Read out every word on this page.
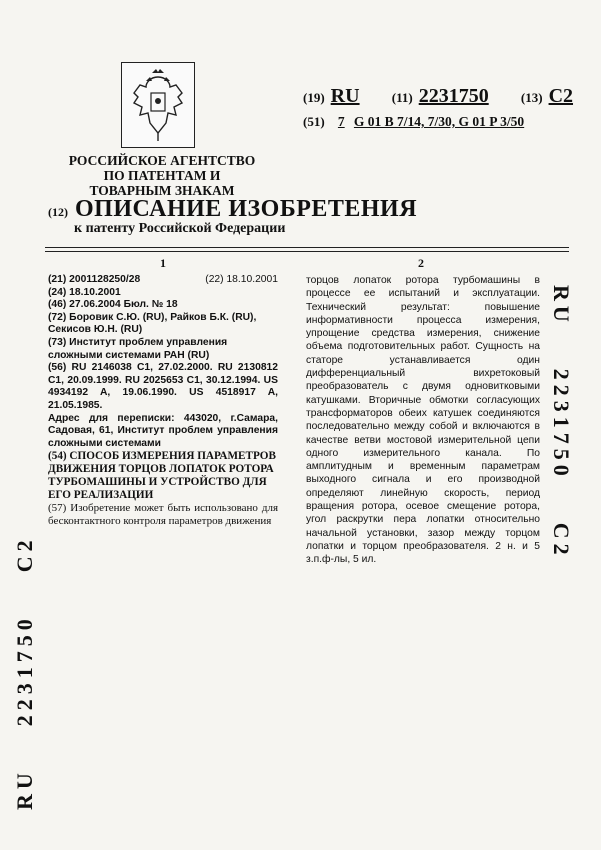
РОССИЙСКОЕ АГЕНТСТВО ПО ПАТЕНТАМ И ТОВАРНЫМ ЗНАКАМ
(19) RU (11) 2231750 (13) C2
(51) 7 G 01 B 7/14, 7/30, G 01 P 3/50
(12) ОПИСАНИЕ ИЗОБРЕТЕНИЯ
к патенту Российской Федерации
1	2

(21) 2001128250/28	(22) 18.10.2001

(24) 18.10.2001

(46) 27.06.2004 Бюл. № 18

(72) Боровик С.Ю. (RU), Райков Б.К. (RU), Секисов Ю.Н. (RU)

(73) Институт проблем управления сложными системами РАН (RU)

(56) RU 2146038 C1, 27.02.2000. RU 2130812 C1, 20.09.1999. RU 2025653 C1, 30.12.1994. US 4934192 A, 19.06.1990. US 4518917 A, 21.05.1985.

Адрес для переписки: 443020, г.Самара, Садовая, 61, Институт проблем управления сложными системами

(54) СПОСОБ ИЗМЕРЕНИЯ ПАРАМЕТРОВ ДВИЖЕНИЯ ТОРЦОВ ЛОПАТОК РОТОРА ТУРБОМАШИНЫ И УСТРОЙСТВО ДЛЯ ЕГО РЕАЛИЗАЦИИ

(57) Изобретение может быть использовано для бесконтактного контроля параметров движения

торцов лопаток ротора турбомашины в процессе ее испытаний и эксплуатации. Технический результат: повышение информативности процесса измерения, упрощение средства измерения, снижение объема подготовительных работ. Сущность на статоре устанавливается один дифференциальный вихретоковый преобразователь с двумя одновитковыми катушками. Вторичные обмотки согласующих трансформаторов обеих катушек соединяются последовательно между собой и включаются в качестве ветви мостовой измерительной цепи одного измерительного канала. По амплитудным и временным параметрам выходного сигнала и его производной определяют линейную скорость, период вращения ротора, осевое смещение ротора, угол раскрутки пера лопатки относительно начальной установки, зазор между торцом лопатки и торцом преобразователя. 2 н. и 5 з.п.ф-лы, 5 ил.
RU    2231750    C2
RU    2231750    C2
